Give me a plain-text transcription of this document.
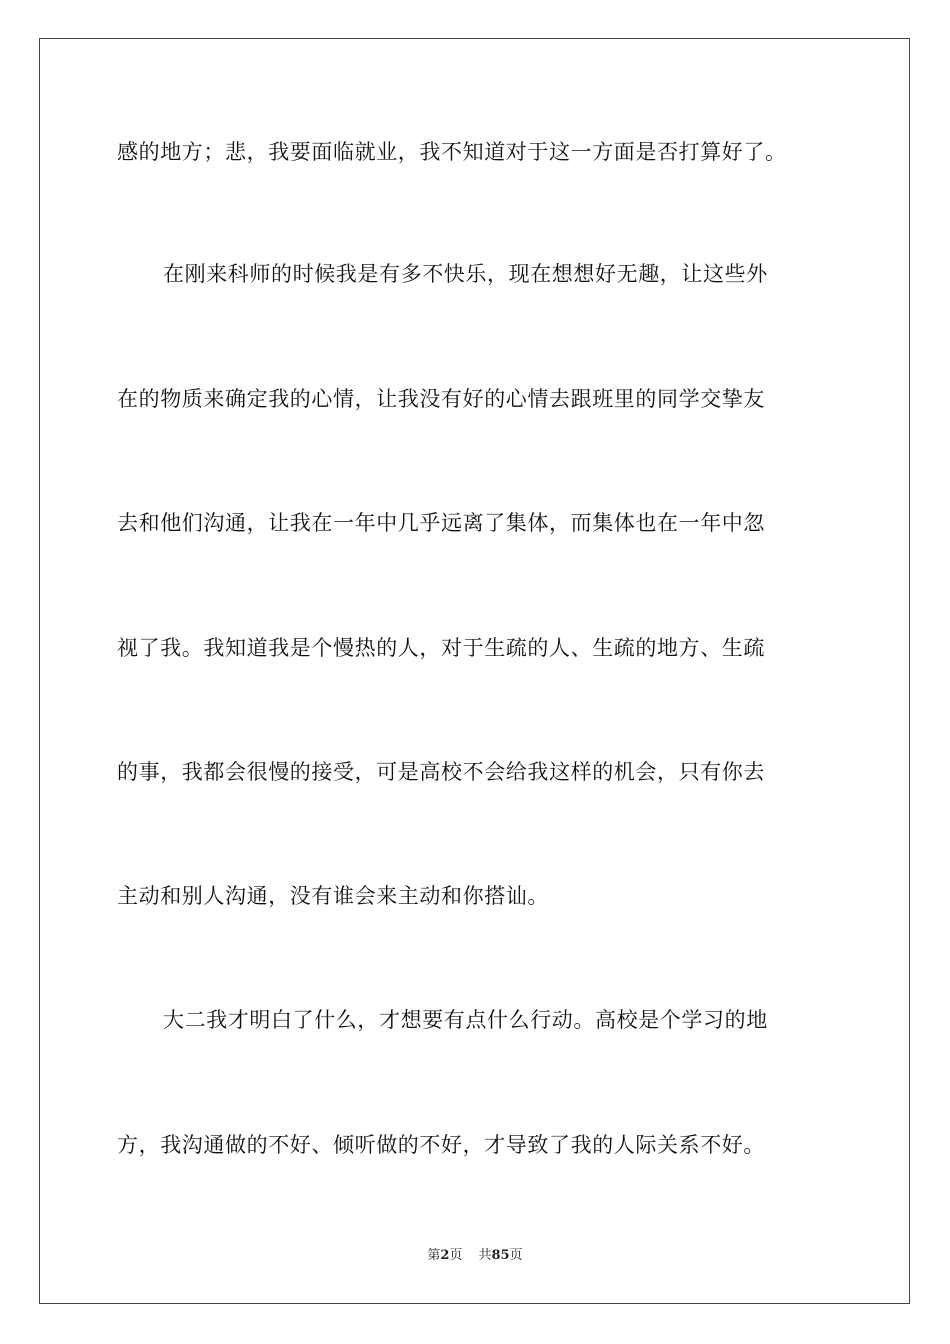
感的地方；悲，我要面临就业，我不知道对于这一方面是否打算好了。
在刚来科师的时候我是有多不快乐，现在想想好无趣，让这些外
在的物质来确定我的心情，让我没有好的心情去跟班里的同学交挚友
去和他们沟通，让我在一年中几乎远离了集体，而集体也在一年中忽
视了我。我知道我是个慢热的人，对于生疏的人、生疏的地方、生疏
的事，我都会很慢的接受，可是高校不会给我这样的机会，只有你去
主动和别人沟通，没有谁会来主动和你搭讪。
大二我才明白了什么，才想要有点什么行动。高校是个学习的地
方，我沟通做的不好、倾听做的不好，才导致了我的人际关系不好。
第2页 共85页
